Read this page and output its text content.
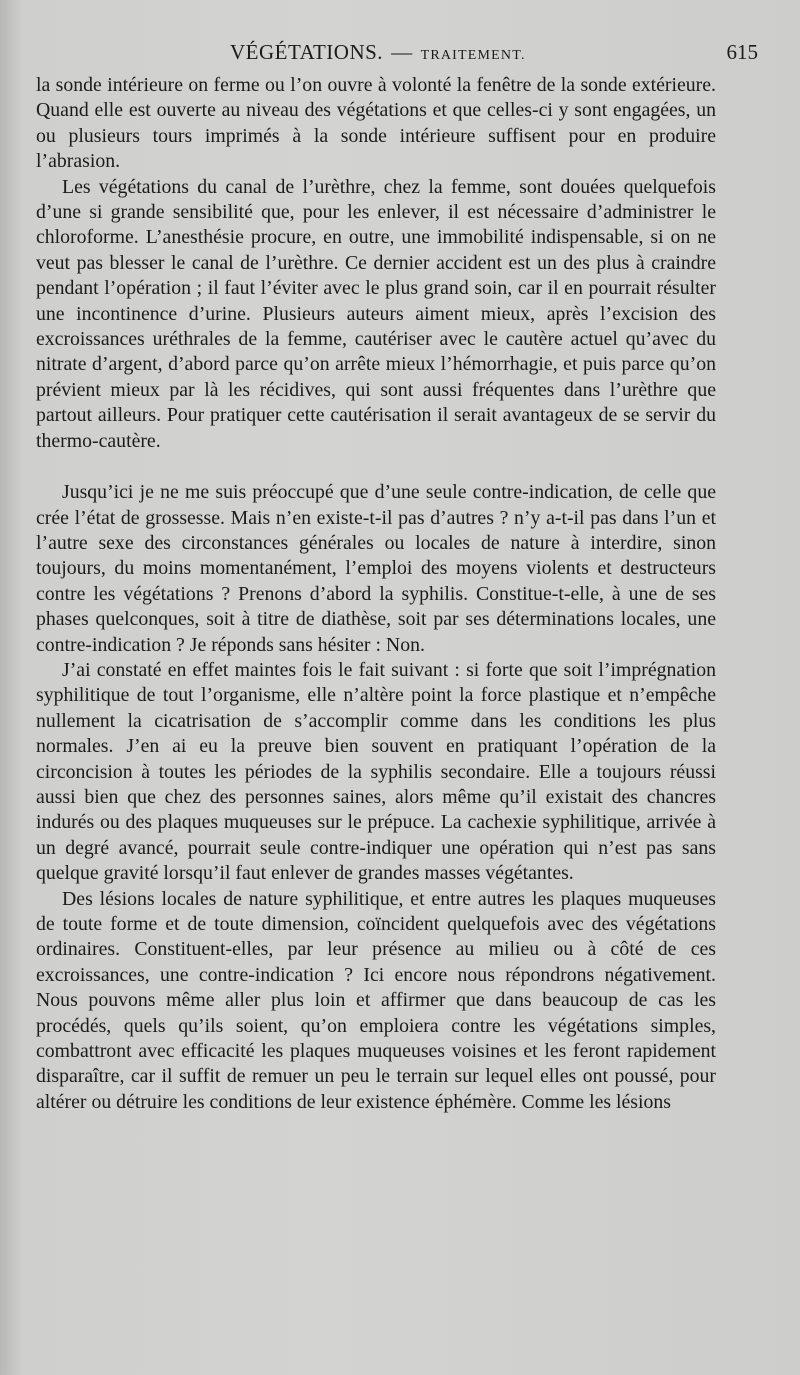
VÉGÉTATIONS. — TRAITEMENT.	615

la sonde intérieure on ferme ou l’on ouvre à volonté la fenêtre de la sonde extérieure. Quand elle est ouverte au niveau des végétations et que celles-ci y sont engagées, un ou plusieurs tours imprimés à la sonde intérieure suffisent pour en produire l’abrasion.

Les végétations du canal de l’urèthre, chez la femme, sont douées quelquefois d’une si grande sensibilité que, pour les enlever, il est nécessaire d’administrer le chloroforme. L’anesthésie procure, en outre, une immobilité indispensable, si on ne veut pas blesser le canal de l’urèthre. Ce dernier accident est un des plus à craindre pendant l’opération ; il faut l’éviter avec le plus grand soin, car il en pourrait résulter une incontinence d’urine. Plusieurs auteurs aiment mieux, après l’excision des excroissances uréthrales de la femme, cautériser avec le cautère actuel qu’avec du nitrate d’argent, d’abord parce qu’on arrête mieux l’hémorrhagie, et puis parce qu’on prévient mieux par là les récidives, qui sont aussi fréquentes dans l’urèthre que partout ailleurs. Pour pratiquer cette cautérisation il serait avantageux de se servir du thermo-cautère.

Jusqu’ici je ne me suis préoccupé que d’une seule contre-indication, de celle que crée l’état de grossesse. Mais n’en existe-t-il pas d’autres ? n’y a-t-il pas dans l’un et l’autre sexe des circonstances générales ou locales de nature à interdire, sinon toujours, du moins momentanément, l’emploi des moyens violents et destructeurs contre les végétations ? Prenons d’abord la syphilis. Constitue-t-elle, à une de ses phases quelconques, soit à titre de diathèse, soit par ses déterminations locales, une contre-indication ? Je réponds sans hésiter : Non.

J’ai constaté en effet maintes fois le fait suivant : si forte que soit l’imprégnation syphilitique de tout l’organisme, elle n’altère point la force plastique et n’empêche nullement la cicatrisation de s’accomplir comme dans les conditions les plus normales. J’en ai eu la preuve bien souvent en pratiquant l’opération de la circoncision à toutes les périodes de la syphilis secondaire. Elle a toujours réussi aussi bien que chez des personnes saines, alors même qu’il existait des chancres indurés ou des plaques muqueuses sur le prépuce. La cachexie syphilitique, arrivée à un degré avancé, pourrait seule contre-indiquer une opération qui n’est pas sans quelque gravité lorsqu’il faut enlever de grandes masses végétantes.

Des lésions locales de nature syphilitique, et entre autres les plaques muqueuses de toute forme et de toute dimension, coïncident quelquefois avec des végétations ordinaires. Constituent-elles, par leur présence au milieu ou à côté de ces excroissances, une contre-indication ? Ici encore nous répondrons négativement. Nous pouvons même aller plus loin et affirmer que dans beaucoup de cas les procédés, quels qu’ils soient, qu’on emploiera contre les végétations simples, combattront avec efficacité les plaques muqueuses voisines et les feront rapidement disparaître, car il suffit de remuer un peu le terrain sur lequel elles ont poussé, pour altérer ou détruire les conditions de leur existence éphémère. Comme les lésions
